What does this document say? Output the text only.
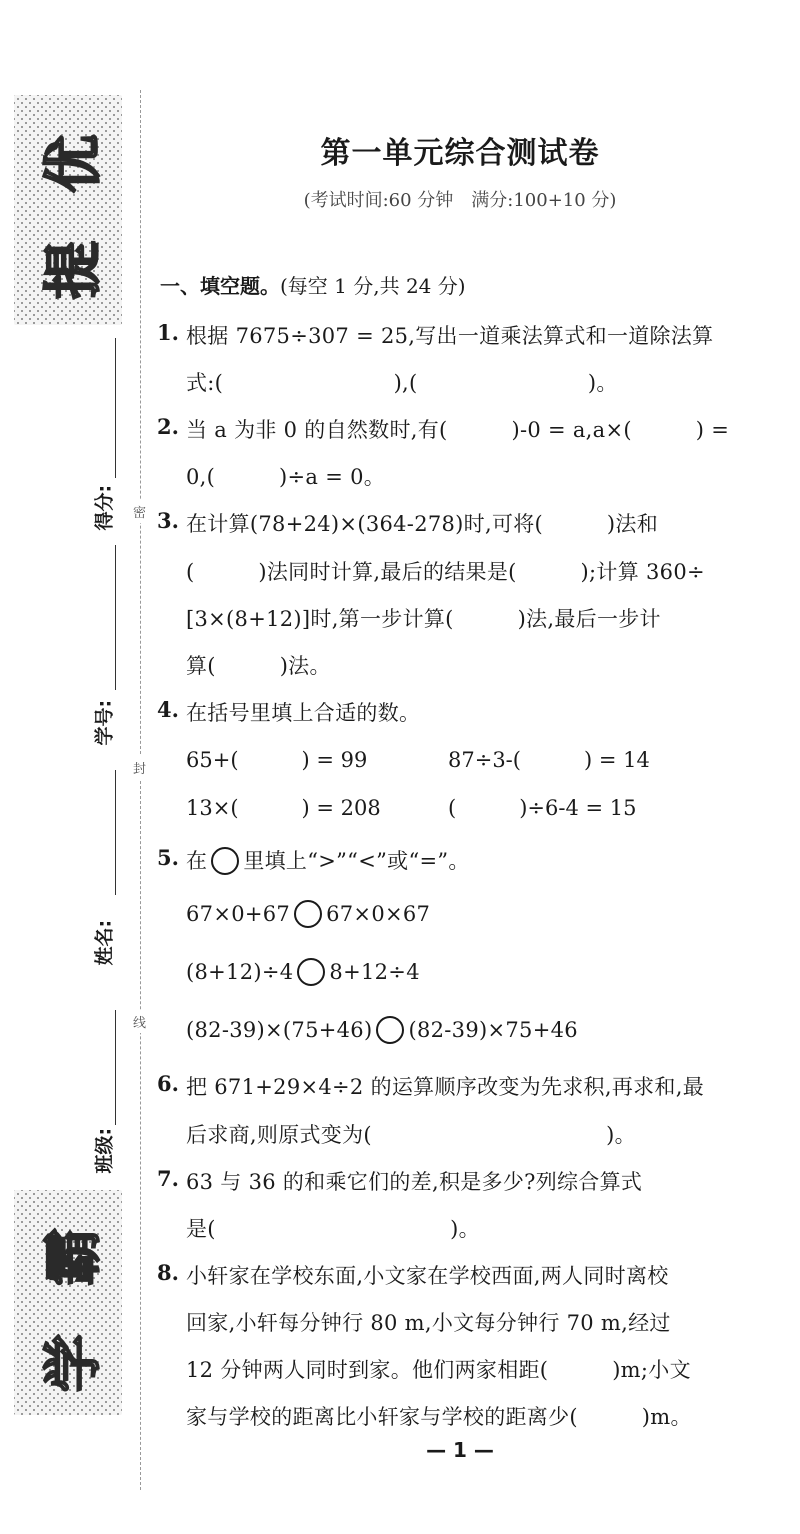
提 优
学 霸
得分:
学号:
姓名:
班级:
密
封
线
第一单元综合测试卷
(考试时间:60 分钟　满分:100+10 分)
一、填空题。(每空 1 分,共 24 分)
1. 根据 7675÷307 = 25,写出一道乘法算式和一道除法算
式:(　　　　　　　　),(　　　　　　　　)。
2. 当 a 为非 0 的自然数时,有(　　　)-0 = a,a×(　　　) =
0,(　　　)÷a = 0。
3. 在计算(78+24)×(364-278)时,可将(　　　)法和
(　　　)法同时计算,最后的结果是(　　　);计算 360÷
[3×(8+12)]时,第一步计算(　　　)法,最后一步计
算(　　　)法。
4. 在括号里填上合适的数。
65+(　　　) = 99	87÷3-(　　　) = 14
13×(　　　) = 208	(　　　)÷6-4 = 15
5. 在 里填上“>”“<”或“=”。
67×0+67 67×0×67
(8+12)÷4 8+12÷4
(82-39)×(75+46) (82-39)×75+46
6. 把 671+29×4÷2 的运算顺序改变为先求积,再求和,最
后求商,则原式变为(　　　　　　　　　　　)。
7. 63 与 36 的和乘它们的差,积是多少?列综合算式
是(　　　　　　　　　　　)。
8. 小轩家在学校东面,小文家在学校西面,两人同时离校
回家,小轩每分钟行 80 m,小文每分钟行 70 m,经过
12 分钟两人同时到家。他们两家相距(　　　)m;小文
家与学校的距离比小轩家与学校的距离少(　　　)m。
— 1 —
